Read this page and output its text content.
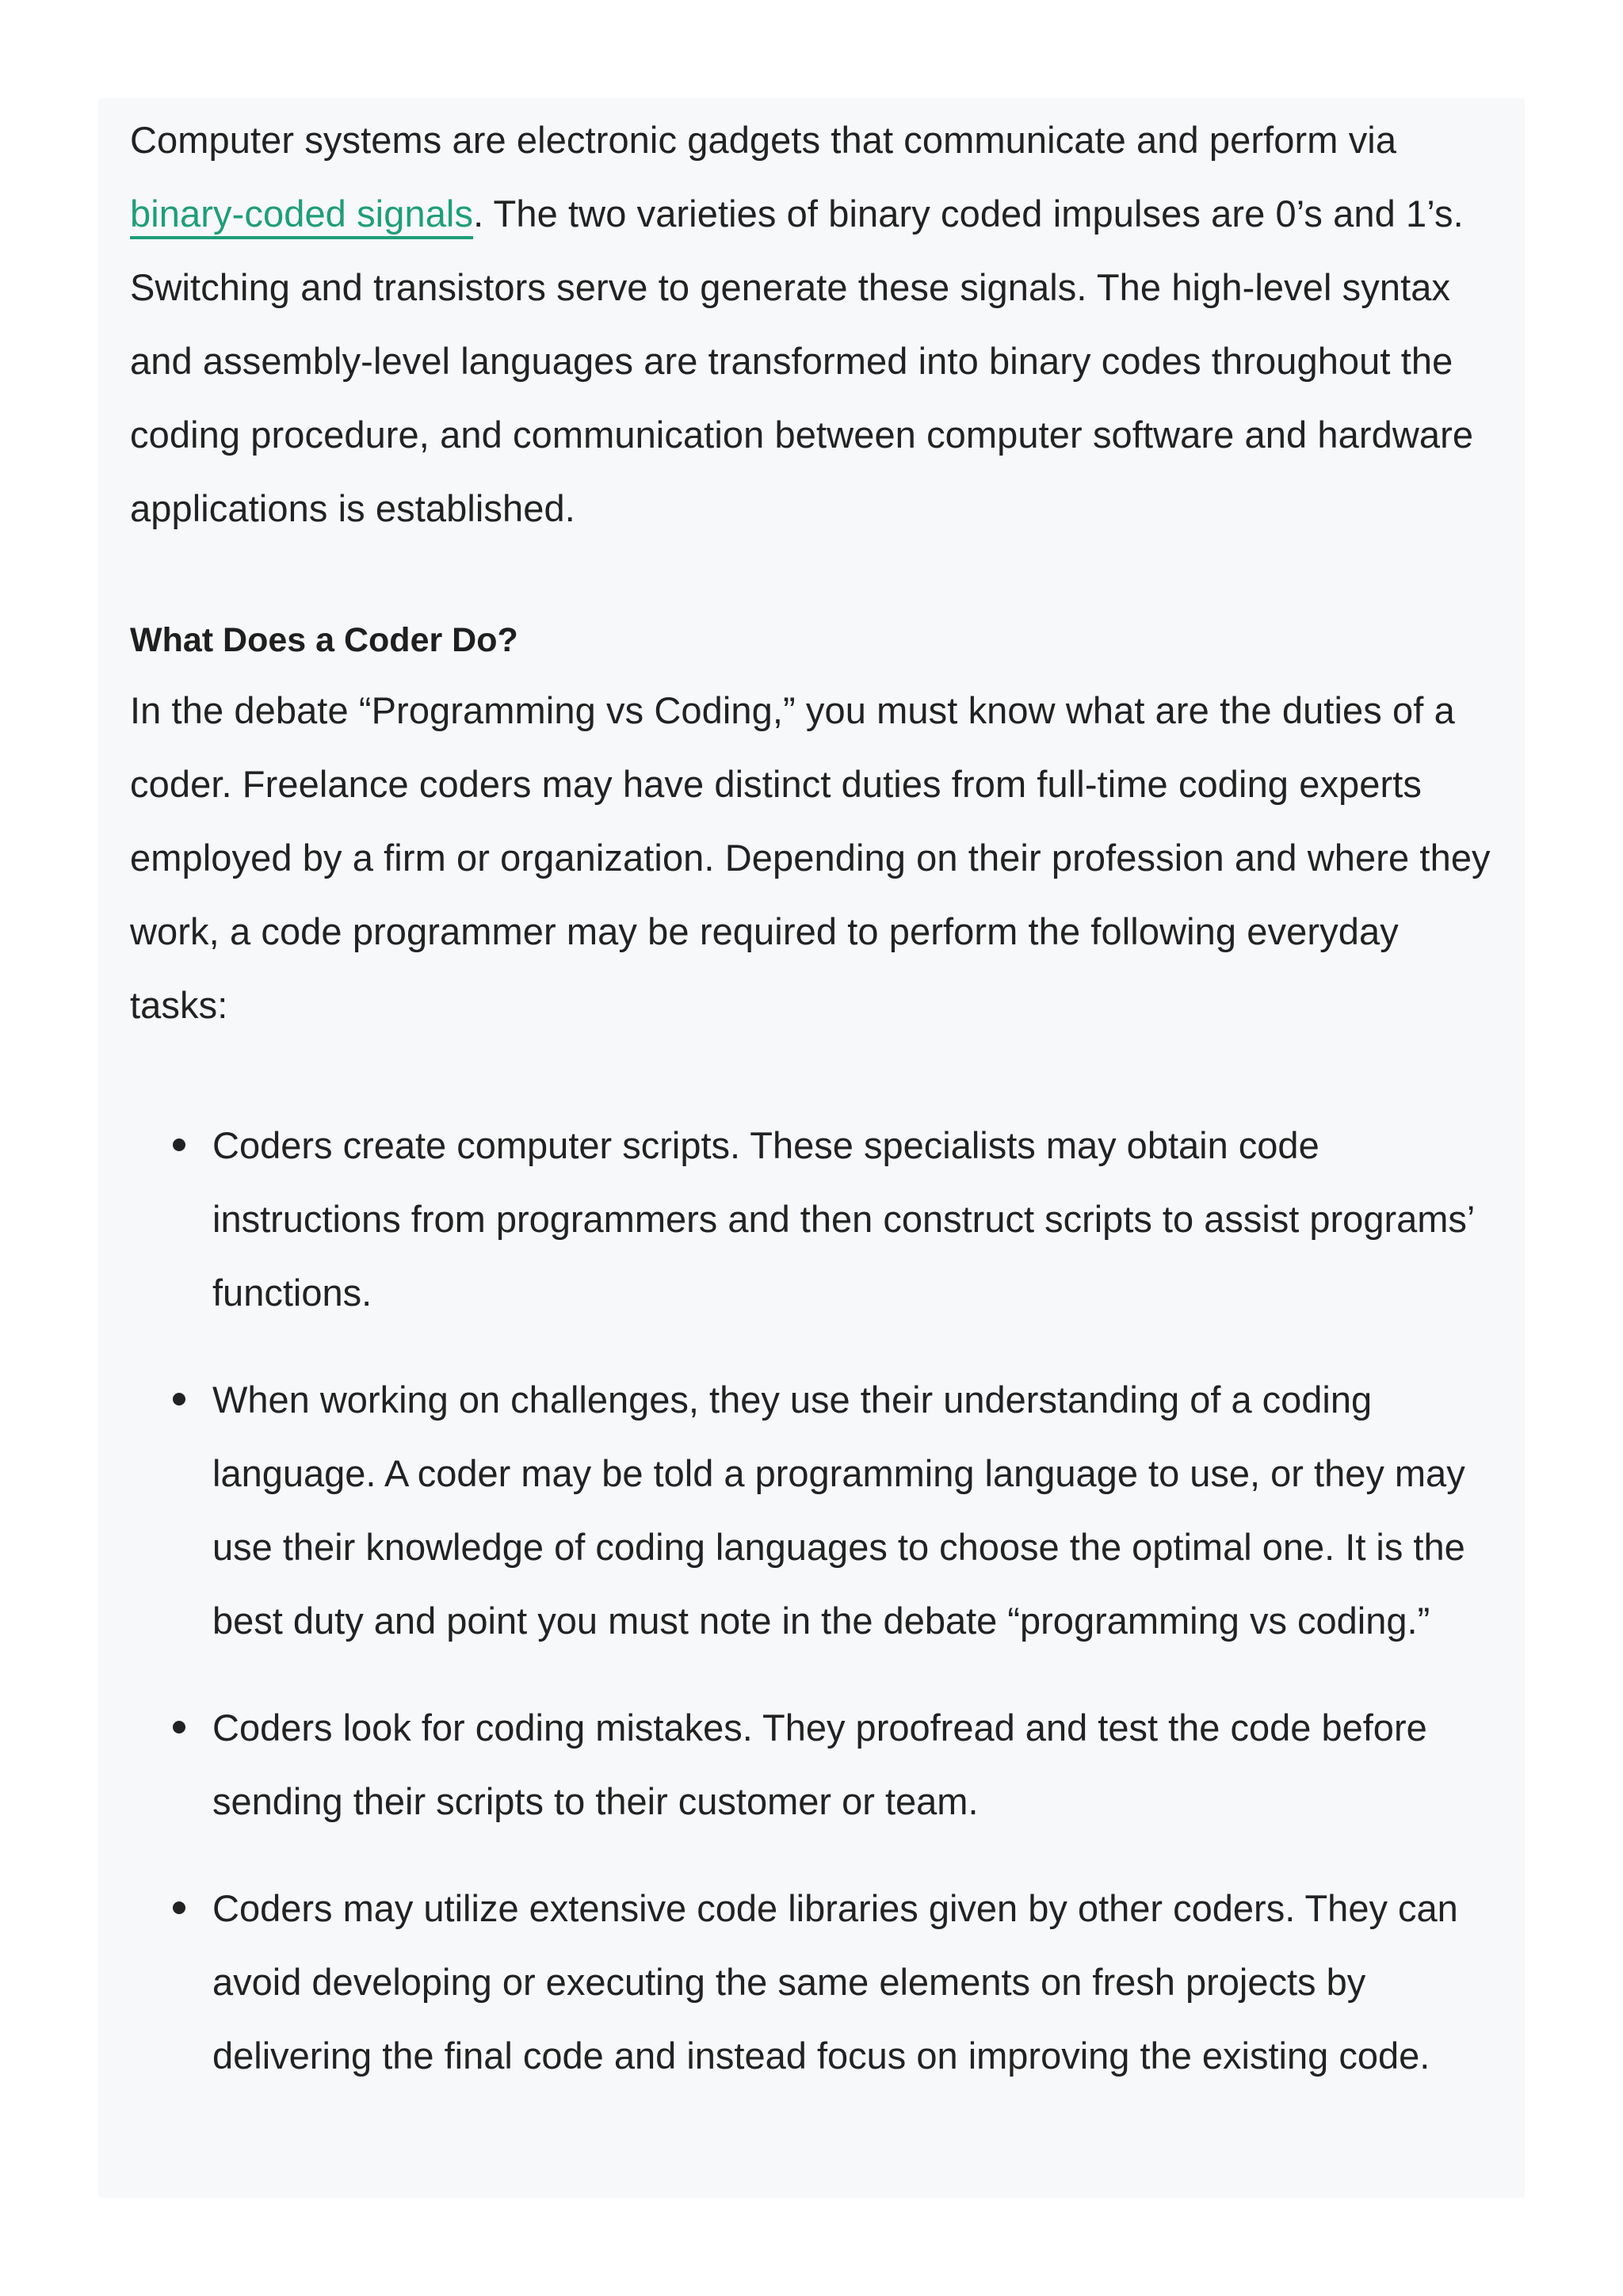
Computer systems are electronic gadgets that communicate and perform via binary-coded signals. The two varieties of binary coded impulses are 0’s and 1’s. Switching and transistors serve to generate these signals. The high-level syntax and assembly-level languages are transformed into binary codes throughout the coding procedure, and communication between computer software and hardware applications is established.

What Does a Coder Do?

In the debate “Programming vs Coding,” you must know what are the duties of a coder. Freelance coders may have distinct duties from full-time coding experts employed by a firm or organization. Depending on their profession and where they work, a code programmer may be required to perform the following everyday tasks:

Coders create computer scripts. These specialists may obtain code instructions from programmers and then construct scripts to assist programs’ functions.
When working on challenges, they use their understanding of a coding language. A coder may be told a programming language to use, or they may use their knowledge of coding languages to choose the optimal one. It is the best duty and point you must note in the debate “programming vs coding.”
Coders look for coding mistakes. They proofread and test the code before sending their scripts to their customer or team.
Coders may utilize extensive code libraries given by other coders. They can avoid developing or executing the same elements on fresh projects by delivering the final code and instead focus on improving the existing code.
